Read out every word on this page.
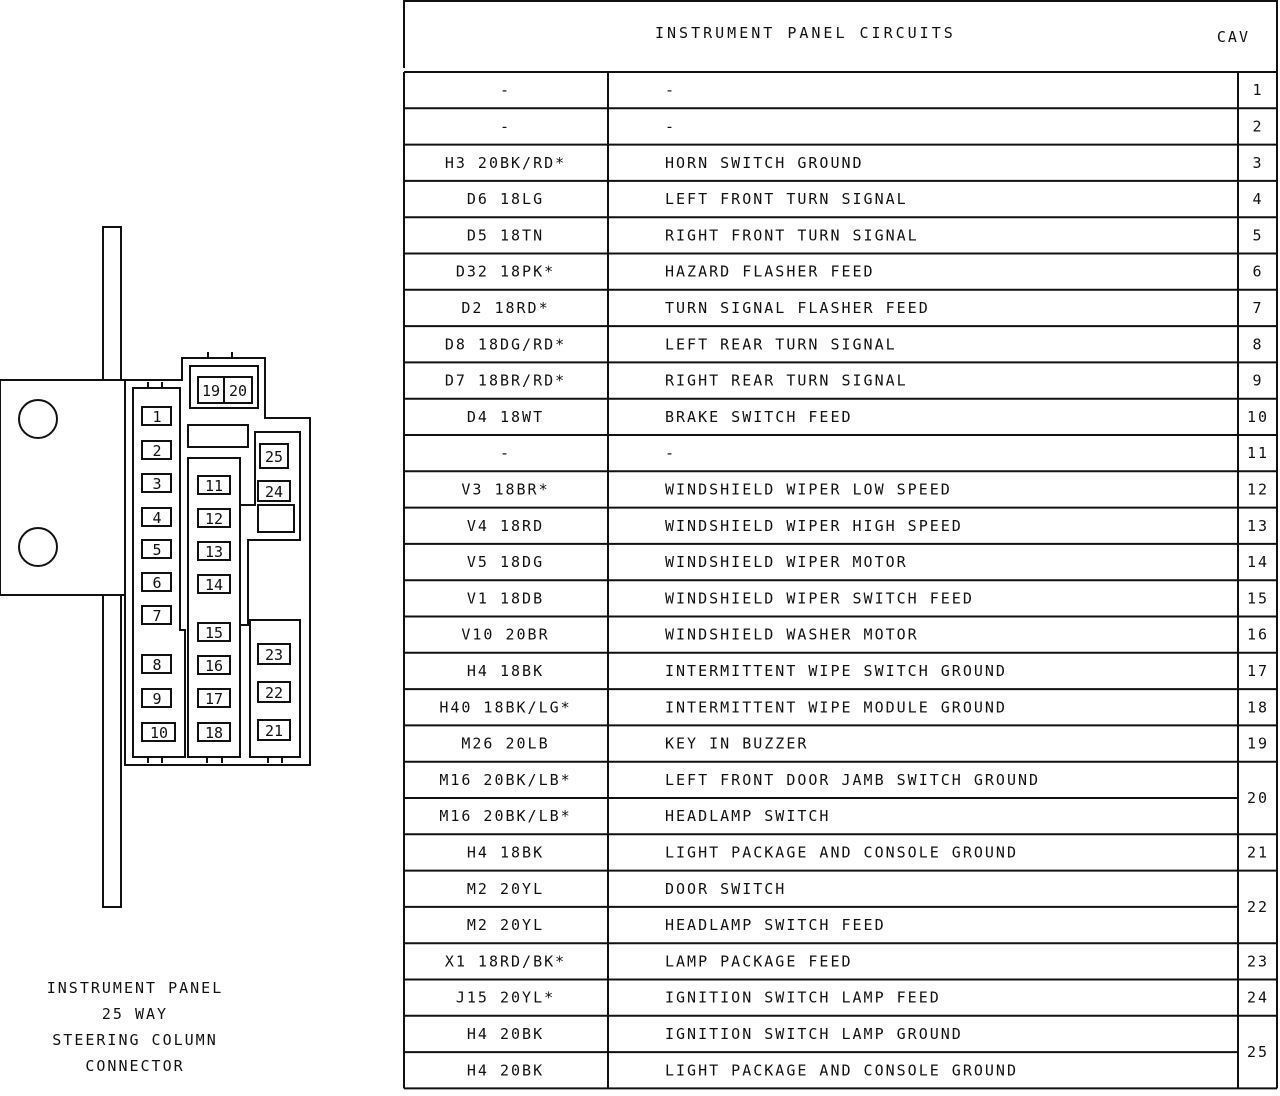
1
2
3
4
5
6
7
8
9
10
11
12
13
14
15
16
17
18
19 20
21
22
23
24
25
INSTRUMENT PANEL
25 WAY
STEERING COLUMN
CONNECTOR
INSTRUMENT PANEL CIRCUITS	CAV
-	-	1
-	-	2
H3 20BK/RD*	HORN SWITCH GROUND	3
D6 18LG	LEFT FRONT TURN SIGNAL	4
D5 18TN	RIGHT FRONT TURN SIGNAL	5
D32 18PK*	HAZARD FLASHER FEED	6
D2 18RD*	TURN SIGNAL FLASHER FEED	7
D8 18DG/RD*	LEFT REAR TURN SIGNAL	8
D7 18BR/RD*	RIGHT REAR TURN SIGNAL	9
D4 18WT	BRAKE SWITCH FEED	10
-	-	11
V3 18BR*	WINDSHIELD WIPER LOW SPEED	12
V4 18RD	WINDSHIELD WIPER HIGH SPEED	13
V5 18DG	WINDSHIELD WIPER MOTOR	14
V1 18DB	WINDSHIELD WIPER SWITCH FEED	15
V10 20BR	WINDSHIELD WASHER MOTOR	16
H4 18BK	INTERMITTENT WIPE SWITCH GROUND	17
H40 18BK/LG*	INTERMITTENT WIPE MODULE GROUND	18
M26 20LB	KEY IN BUZZER	19
M16 20BK/LB*	LEFT FRONT DOOR JAMB SWITCH GROUND
20
M16 20BK/LB*	HEADLAMP SWITCH
H4 18BK	LIGHT PACKAGE AND CONSOLE GROUND	21
M2 20YL	DOOR SWITCH
22
M2 20YL	HEADLAMP SWITCH FEED
X1 18RD/BK*	LAMP PACKAGE FEED	23
J15 20YL*	IGNITION SWITCH LAMP FEED	24
H4 20BK	IGNITION SWITCH LAMP GROUND
25
H4 20BK	LIGHT PACKAGE AND CONSOLE GROUND
